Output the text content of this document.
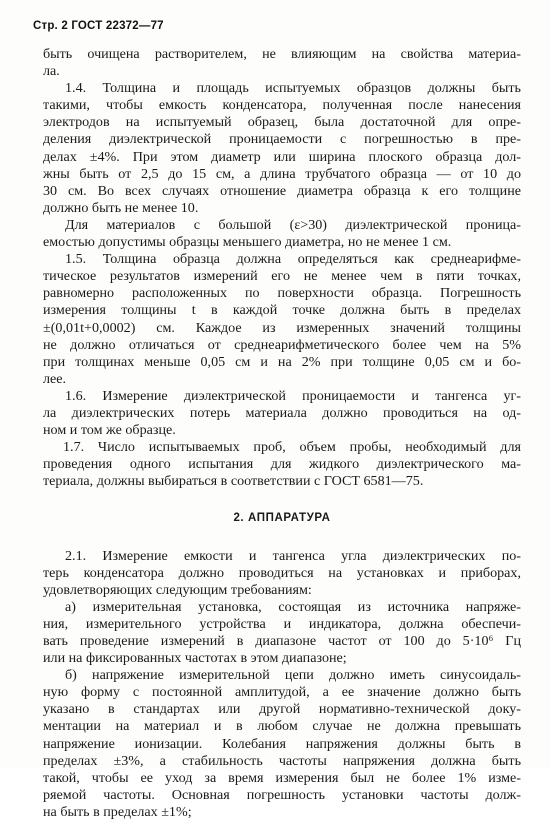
Стр. 2 ГОСТ 22372—77
быть очищена растворителем, не влияющим на свойства материа-
ла.
1.4. Толщина и площадь испытуемых образцов должны быть
такими, чтобы емкость конденсатора, полученная после нанесения
электродов на испытуемый образец, была достаточной для опре-
деления диэлектрической проницаемости с погрешностью в пре-
делах ±4%. При этом диаметр или ширина плоского образца дол-
жны быть от 2,5 до 15 см, а длина трубчатого образца — от 10 до
30 см. Во всех случаях отношение диаметра образца к его толщине
должно быть не менее 10.
Для материалов с большой (ε>30) диэлектрической проница-
емостью допустимы образцы меньшего диаметра, но не менее 1 см.
1.5. Толщина образца должна определяться как среднеарифме-
тическое результатов измерений его не менее чем в пяти точках,
равномерно расположенных по поверхности образца. Погрешность
измерения толщины t в каждой точке должна быть в пределах
±(0,01t+0,0002) см. Каждое из измеренных значений толщины
не должно отличаться от среднеарифметического более чем на 5%
при толщинах меньше 0,05 см и на 2% при толщине 0,05 см и бо-
лее.
1.6. Измерение диэлектрической проницаемости и тангенса уг-
ла диэлектрических потерь материала должно проводиться на од-
ном и том же образце.
1.7. Число испытываемых проб, объем пробы, необходимый для
проведения одного испытания для жидкого диэлектрического ма-
териала, должны выбираться в соответствии с ГОСТ 6581—75.
2. АППАРАТУРА
2.1. Измерение емкости и тангенса угла диэлектрических по-
терь конденсатора должно проводиться на установках и приборах,
удовлетворяющих следующим требованиям:
а) измерительная установка, состоящая из источника напряже-
ния, измерительного устройства и индикатора, должна обеспечи-
вать проведение измерений в диапазоне частот от 100 до 5·10⁶ Гц
или на фиксированных частотах в этом диапазоне;
б) напряжение измерительной цепи должно иметь синусоидаль-
ную форму с постоянной амплитудой, а ее значение должно быть
указано в стандартах или другой нормативно-технической доку-
ментации на материал и в любом случае не должна превышать
напряжение ионизации. Колебания напряжения должны быть в
пределах ±3%, а стабильность частоты напряжения должна быть
такой, чтобы ее уход за время измерения был не более 1% изме-
ряемой частоты. Основная погрешность установки частоты долж-
на быть в пределах ±1%;
